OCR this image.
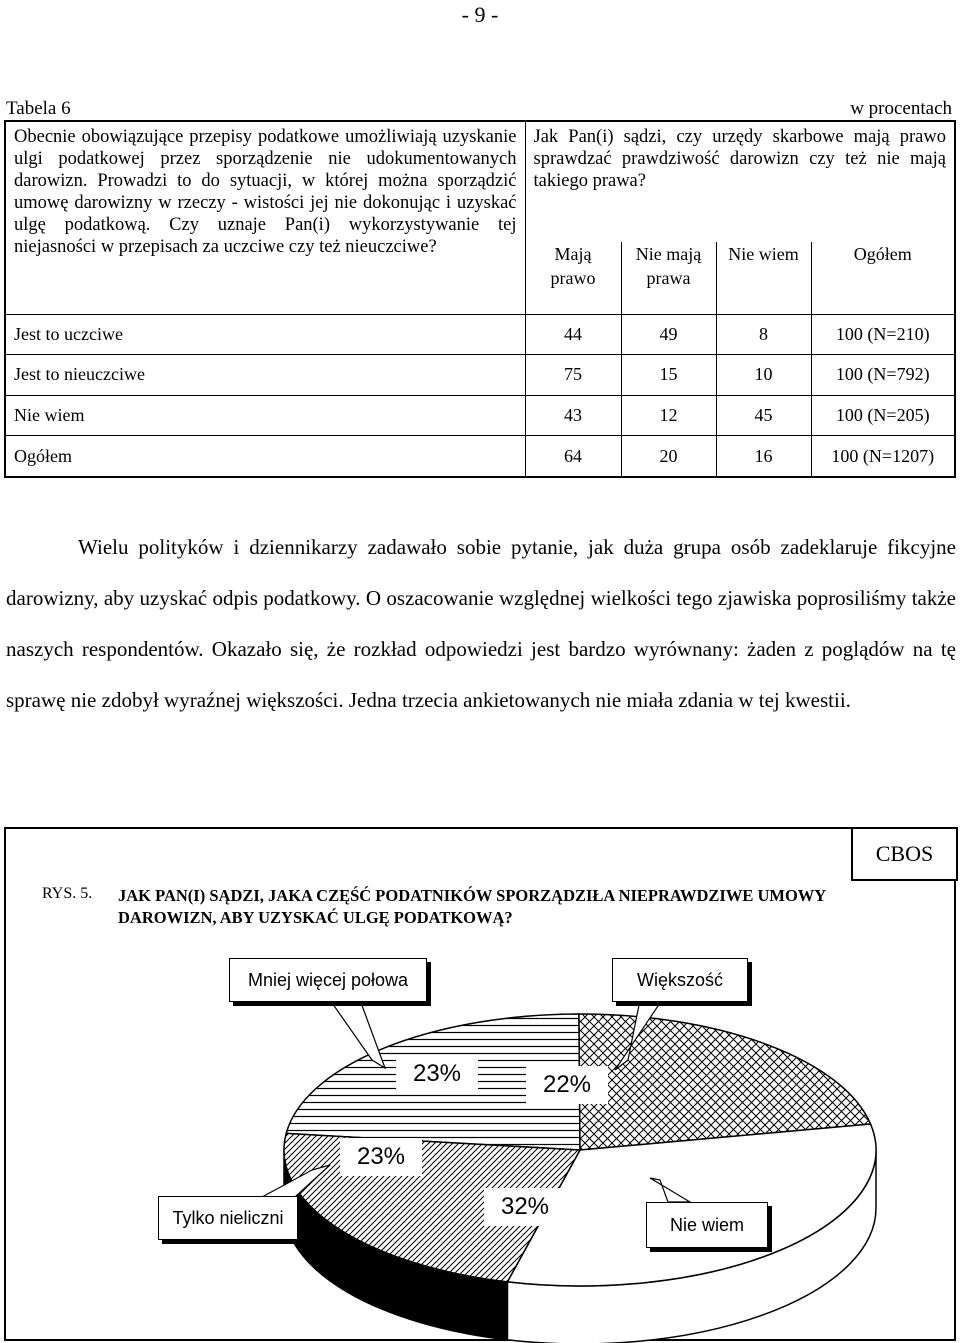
- 9 -
Tabela 6	w procentach
Obecnie obowiązujące przepisy podatkowe umożliwiają uzyskanie ulgi podatkowej przez sporządzenie nie udokumentowanych darowizn. Prowadzi to do sytuacji, w której można sporządzić umowę darowizny w rzeczy - wistości jej nie dokonując i uzyskać ulgę podatkową. Czy uznaje Pan(i) wykorzystywanie tej niejasności w przepisach za uczciwe czy też nieuczciwe?	Jak Pan(i) sądzi, czy urzędy skarbowe mają prawo sprawdzać prawdziwość darowizn czy też nie mają takiego prawa?			
	Mają prawo	Nie mają prawa	Nie wiem	Ogółem
Jest to uczciwe	44	49	8	100 (N=210)
Jest to nieuczciwe	75	15	10	100 (N=792)
Nie wiem	43	12	45	100 (N=205)
Ogółem	64	20	16	100 (N=1207)

Wielu polityków i dziennikarzy zadawało sobie pytanie, jak duża grupa osób zadeklaruje fikcyjne darowizny, aby uzyskać odpis podatkowy. O oszacowanie względnej wielkości tego zjawiska poprosiliśmy także naszych respondentów. Okazało się, że rozkład odpowiedzi jest bardzo wyrównany: żaden z poglądów na tę sprawę nie zdobył wyraźnej większości. Jedna trzecia ankietowanych nie miała zdania w tej kwestii.

CBOS
RYS. 5. JAK PAN(I) SĄDZI, JAKA CZĘŚĆ PODATNIKÓW SPORZĄDZIŁA NIEPRAWDZIWE UMOWY DAROWIZN, ABY UZYSKAĆ ULGĘ PODATKOWĄ?
Mniej więcej połowa	Większość
Tylko nieliczni	Nie wiem
23%	22%
32%
23%
